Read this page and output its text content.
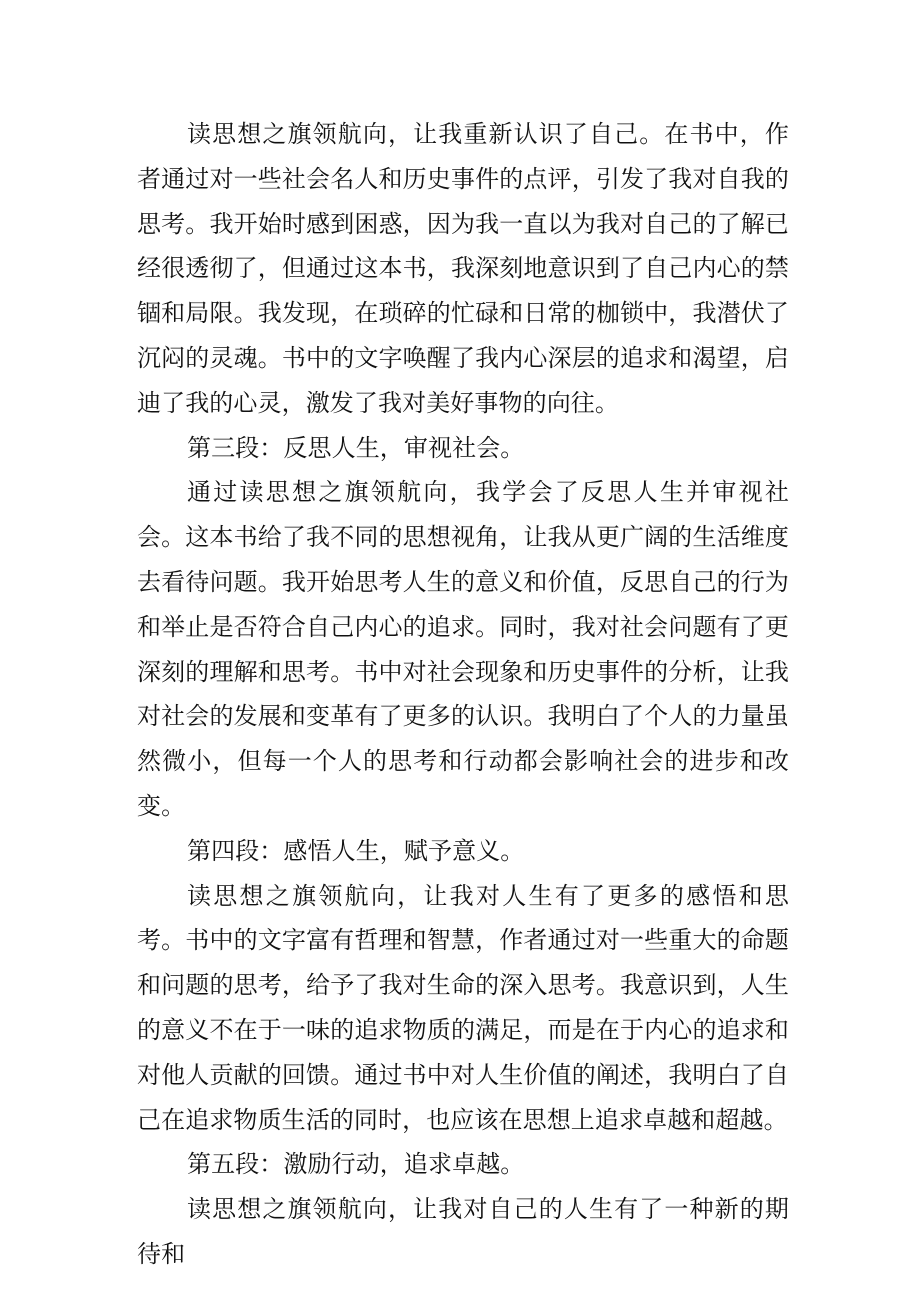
读思想之旗领航向，让我重新认识了自己。在书中，作者通过对一些社会名人和历史事件的点评，引发了我对自我的思考。我开始时感到困惑，因为我一直以为我对自己的了解已经很透彻了，但通过这本书，我深刻地意识到了自己内心的禁锢和局限。我发现，在琐碎的忙碌和日常的枷锁中，我潜伏了沉闷的灵魂。书中的文字唤醒了我内心深层的追求和渴望，启迪了我的心灵，激发了我对美好事物的向往。

第三段：反思人生，审视社会。

通过读思想之旗领航向，我学会了反思人生并审视社会。这本书给了我不同的思想视角，让我从更广阔的生活维度去看待问题。我开始思考人生的意义和价值，反思自己的行为和举止是否符合自己内心的追求。同时，我对社会问题有了更深刻的理解和思考。书中对社会现象和历史事件的分析，让我对社会的发展和变革有了更多的认识。我明白了个人的力量虽然微小，但每一个人的思考和行动都会影响社会的进步和改变。

第四段：感悟人生，赋予意义。

读思想之旗领航向，让我对人生有了更多的感悟和思考。书中的文字富有哲理和智慧，作者通过对一些重大的命题和问题的思考，给予了我对生命的深入思考。我意识到，人生的意义不在于一味的追求物质的满足，而是在于内心的追求和对他人贡献的回馈。通过书中对人生价值的阐述，我明白了自己在追求物质生活的同时，也应该在思想上追求卓越和超越。

第五段：激励行动，追求卓越。

读思想之旗领航向，让我对自己的人生有了一种新的期待和
